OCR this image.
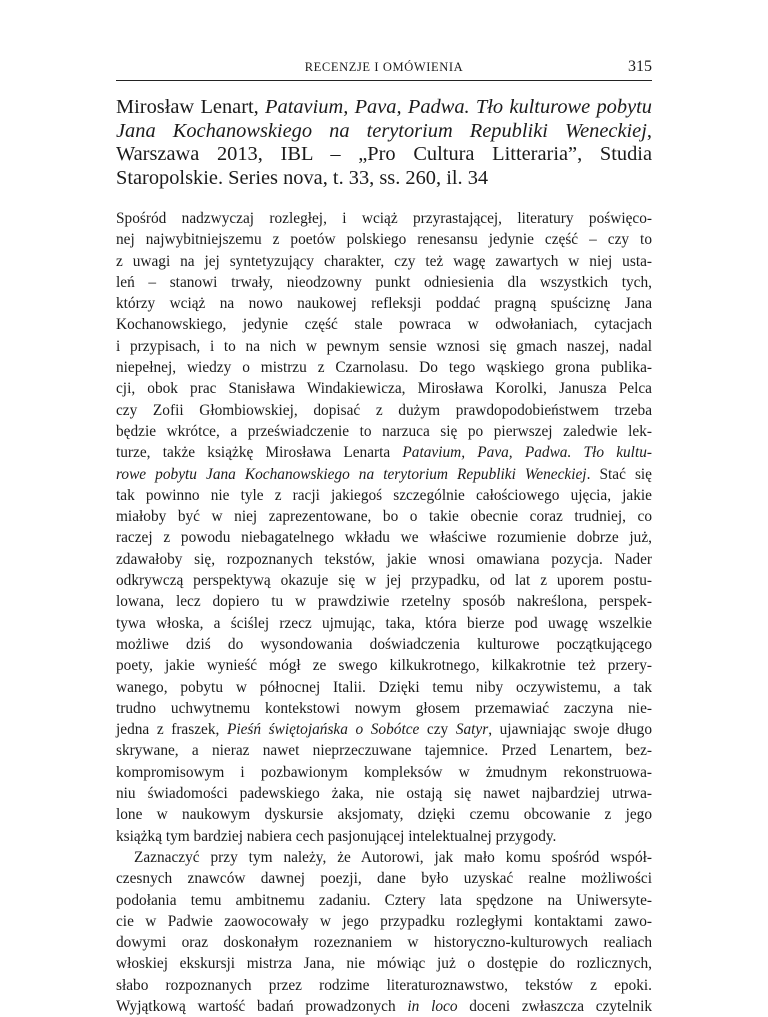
RECENZJE I OMÓWIENIA	315
Mirosław Lenart, Patavium, Pava, Padwa. Tło kulturowe pobytu Jana Kochanowskiego na terytorium Republiki Weneckiej, Warszawa 2013, IBL – „Pro Cultura Litteraria”, Studia Staropolskie. Series nova, t. 33, ss. 260, il. 34
Spośród nadzwyczaj rozległej, i wciąż przyrastającej, literatury poświęco-
nej najwybitniejszemu z poetów polskiego renesansu jedynie część – czy to
z uwagi na jej syntetyzujący charakter, czy też wagę zawartych w niej usta-
leń – stanowi trwały, nieodzowny punkt odniesienia dla wszystkich tych,
którzy wciąż na nowo naukowej refleksji poddać pragną spuściznę Jana
Kochanowskiego, jedynie część stale powraca w odwołaniach, cytacjach
i przypisach, i to na nich w pewnym sensie wznosi się gmach naszej, nadal
niepełnej, wiedzy o mistrzu z Czarnolasu. Do tego wąskiego grona publika-
cji, obok prac Stanisława Windakiewicza, Mirosława Korolki, Janusza Pelca
czy Zofii Głombiowskiej, dopisać z dużym prawdopodobieństwem trzeba
będzie wkrótce, a przeświadczenie to narzuca się po pierwszej zaledwie lek-
turze, także książkę Mirosława Lenarta Patavium, Pava, Padwa. Tło kultu-
rowe pobytu Jana Kochanowskiego na terytorium Republiki Weneckiej. Stać się
tak powinno nie tyle z racji jakiegoś szczególnie całościowego ujęcia, jakie
miałoby być w niej zaprezentowane, bo o takie obecnie coraz trudniej, co
raczej z powodu niebagatelnego wkładu we właściwe rozumienie dobrze już,
zdawałoby się, rozpoznanych tekstów, jakie wnosi omawiana pozycja. Nader
odkrywczą perspektywą okazuje się w jej przypadku, od lat z uporem postu-
lowana, lecz dopiero tu w prawdziwie rzetelny sposób nakreślona, perspek-
tywa włoska, a ściślej rzecz ujmując, taka, która bierze pod uwagę wszelkie
możliwe dziś do wysondowania doświadczenia kulturowe początkującego
poety, jakie wynieść mógł ze swego kilkukrotnego, kilkakrotnie też przery-
wanego, pobytu w północnej Italii. Dzięki temu niby oczywistemu, a tak
trudno uchwytnemu kontekstowi nowym głosem przemawiać zaczyna nie-
jedna z fraszek, Pieśń świętojańska o Sobótce czy Satyr, ujawniając swoje długo
skrywane, a nieraz nawet nieprzeczuwane tajemnice. Przed Lenartem, bez-
kompromisowym i pozbawionym kompleksów w żmudnym rekonstruowa-
niu świadomości padewskiego żaka, nie ostają się nawet najbardziej utrwa-
lone w naukowym dyskursie aksjomaty, dzięki czemu obcowanie z jego
książką tym bardziej nabiera cech pasjonującej intelektualnej przygody.
Zaznaczyć przy tym należy, że Autorowi, jak mało komu spośród współ-
czesnych znawców dawnej poezji, dane było uzyskać realne możliwości
podołania temu ambitnemu zadaniu. Cztery lata spędzone na Uniwersyte-
cie w Padwie zaowocowały w jego przypadku rozległymi kontaktami zawo-
dowymi oraz doskonałym rozeznaniem w historyczno-kulturowych realiach
włoskiej ekskursji mistrza Jana, nie mówiąc już o dostępie do rozlicznych,
słabo rozpoznanych przez rodzime literaturoznawstwo, tekstów z epoki.
Wyjątkową wartość badań prowadzonych in loco doceni zwłaszcza czytelnik
